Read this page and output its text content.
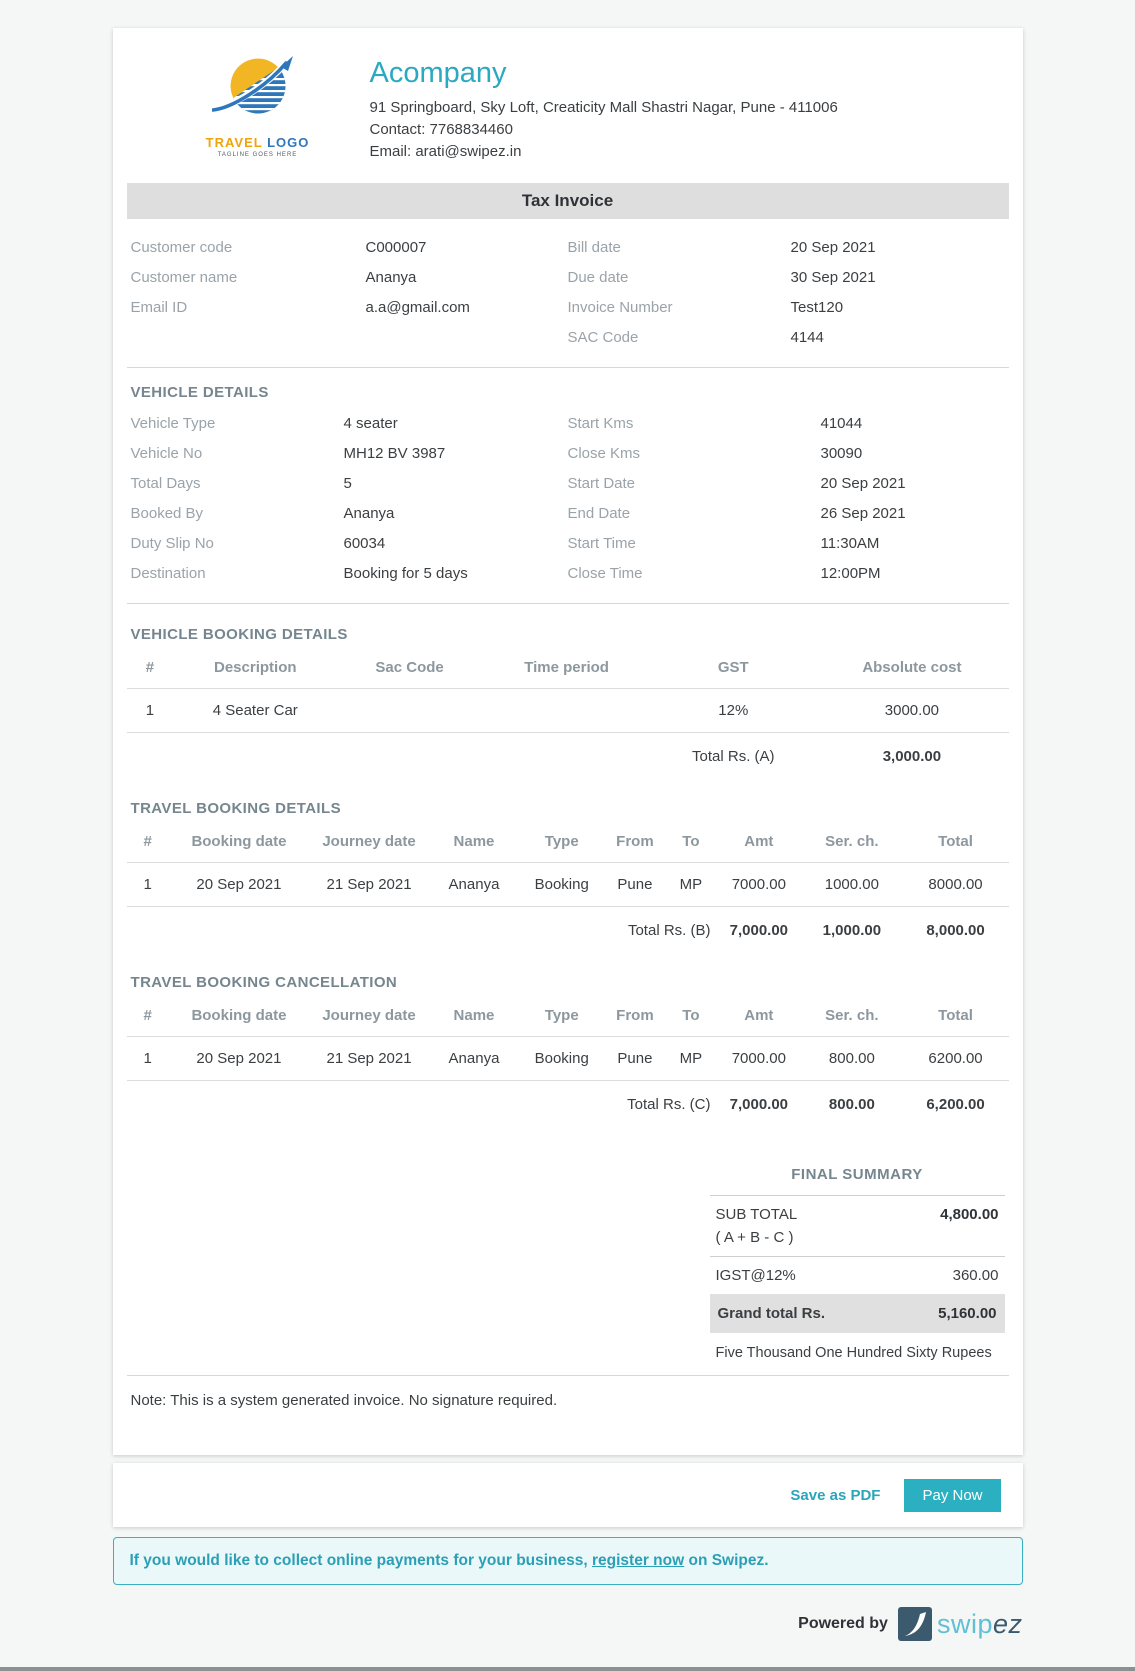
TRAVEL LOGO
TAGLINE GOES HERE
Acompany
91 Springboard, Sky Loft, Creaticity Mall Shastri Nagar, Pune - 411006
Contact: 7768834460
Email: arati@swipez.in
Tax Invoice
Customer code	C000007
Customer name	Ananya
Email ID	a.a@gmail.com
Bill date	20 Sep 2021
Due date	30 Sep 2021
Invoice Number	Test120
SAC Code	4144
VEHICLE DETAILS
Vehicle Type	4 seater
Vehicle No	MH12 BV 3987
Total Days	5
Booked By	Ananya
Duty Slip No	60034
Destination	Booking for 5 days
Start Kms	41044
Close Kms	30090
Start Date	20 Sep 2021
End Date	26 Sep 2021
Start Time	11:30AM
Close Time	12:00PM
VEHICLE BOOKING DETAILS
#	Description	Sac Code	Time period	GST	Absolute cost
1	4 Seater Car			12%	3000.00
				Total Rs. (A)	3,000.00
TRAVEL BOOKING DETAILS
#	Booking date	Journey date	Name	Type	From	To	Amt	Ser. ch.	Total
1	20 Sep 2021	21 Sep 2021	Ananya	Booking	Pune	MP	7000.00	1000.00	8000.00
Total Rs. (B)							7,000.00	1,000.00	8,000.00
TRAVEL BOOKING CANCELLATION
#	Booking date	Journey date	Name	Type	From	To	Amt	Ser. ch.	Total
1	20 Sep 2021	21 Sep 2021	Ananya	Booking	Pune	MP	7000.00	800.00	6200.00
Total Rs. (C)							7,000.00	800.00	6,200.00
FINAL SUMMARY
SUB TOTAL
( A + B - C )
4,800.00
IGST@12%	360.00
Grand total Rs.	5,160.00
Five Thousand One Hundred Sixty Rupees
Note: This is a system generated invoice. No signature required.
Save as PDF	Pay Now
If you would like to collect online payments for your business, register now on Swipez.
Powered by swipez
